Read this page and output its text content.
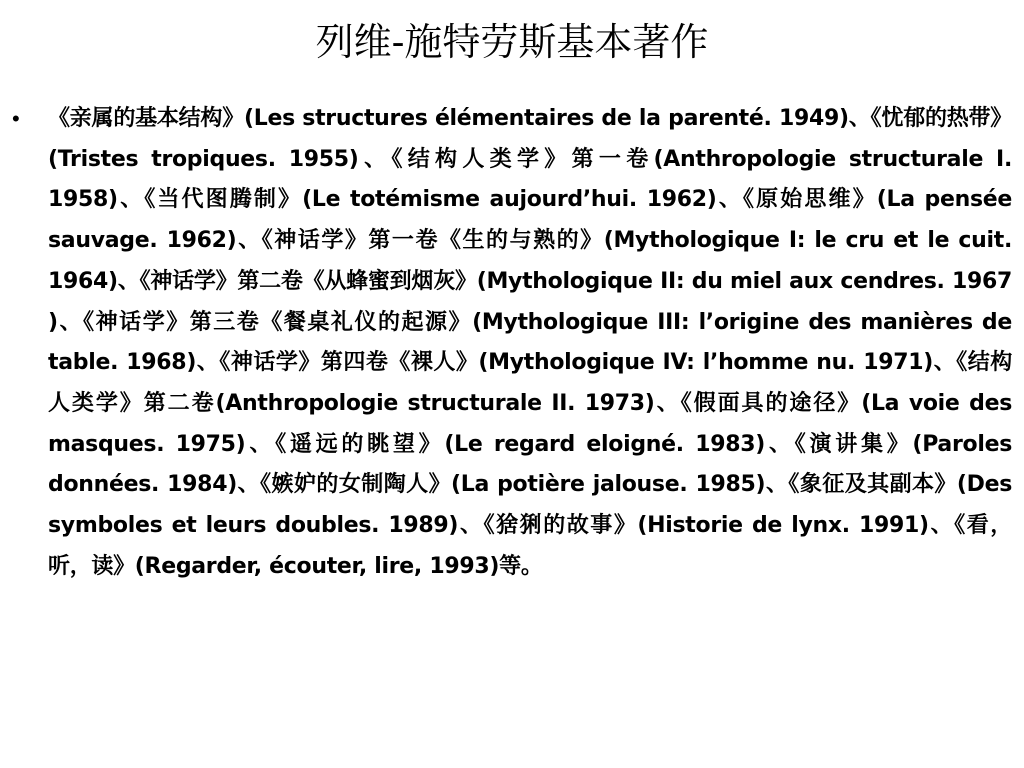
列维-施特劳斯基本著作
• 《亲属的基本结构》(Les structures élémentaires de la parenté. 1949)、《忧郁的热带》(Tristes tropiques. 1955)、《结构人类学》第一卷(Anthropologie structurale I. 1958)、《当代图腾制》(Le totémisme aujourd’hui. 1962)、《原始思维》(La pensée sauvage. 1962)、《神话学》第一卷《生的与熟的》(Mythologique I: le cru et le cuit. 1964)、《神话学》第二卷《从蜂蜜到烟灰》(Mythologique II: du miel aux cendres. 1967 )、《神话学》第三卷《餐桌礼仪的起源》(Mythologique III: l’origine des manières de table. 1968)、《神话学》第四卷《裸人》(Mythologique IV: l’homme nu. 1971)、《结构人类学》第二卷(Anthropologie structurale II. 1973)、《假面具的途径》(La voie des masques. 1975)、《遥远的眺望》(Le regard eloigné. 1983)、《演讲集》(Paroles données. 1984)、《嫉妒的女制陶人》(La potière jalouse. 1985)、《象征及其副本》(Des symboles et leurs doubles. 1989)、《猞猁的故事》(Historie de lynx. 1991)、《看，听，读》(Regarder, écouter, lire, 1993)等。
